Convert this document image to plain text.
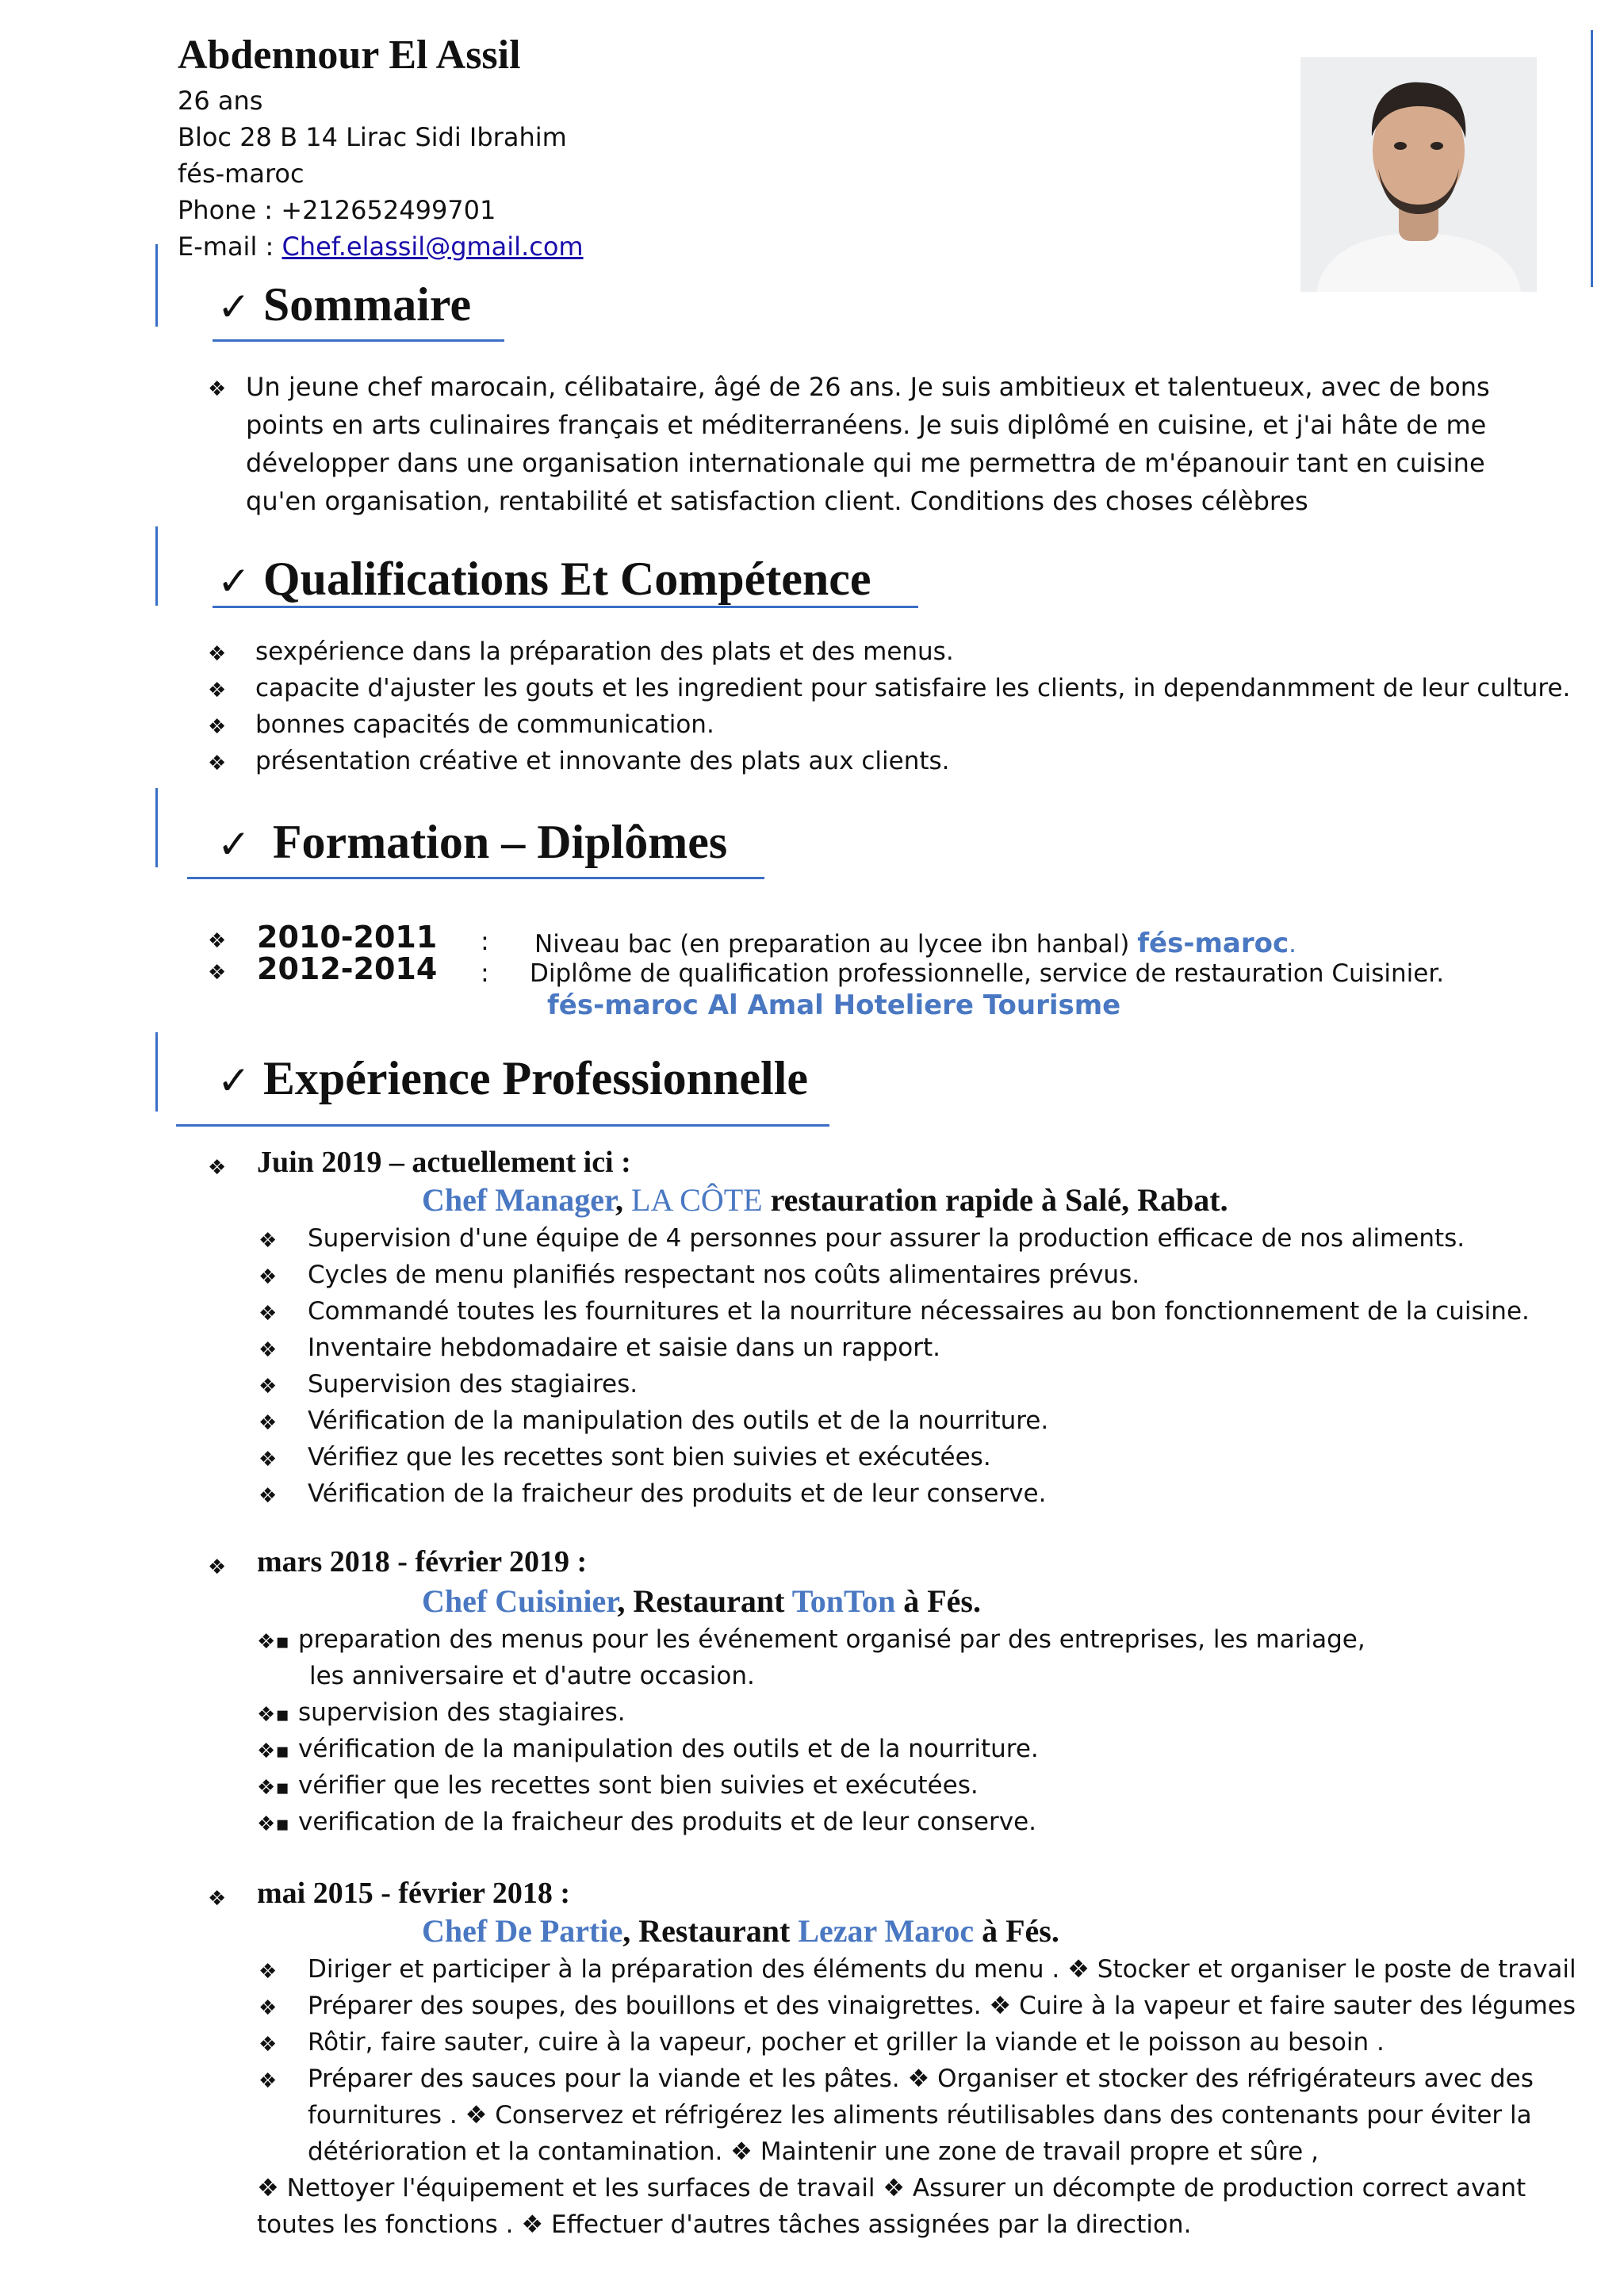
Abdennour El Assil
26 ans
Bloc 28 B 14 Lirac Sidi Ibrahim
fés-maroc
Phone : +212652499701
E-mail : Chef.elassil@gmail.com
✓ Sommaire
❖ Un jeune chef marocain, célibataire, âgé de 26 ans. Je suis ambitieux et talentueux, avec de bons
points en arts culinaires français et méditerranéens. Je suis diplômé en cuisine, et j'ai hâte de me
développer dans une organisation internationale qui me permettra de m'épanouir tant en cuisine
qu'en organisation, rentabilité et satisfaction client. Conditions des choses célèbres
✓ Qualifications Et Compétence
❖ sexpérience dans la préparation des plats et des menus.
❖ capacite d'ajuster les gouts et les ingredient pour satisfaire les clients, in dependanmment de leur culture.
❖ bonnes capacités de communication.
❖ présentation créative et innovante des plats aux clients.
✓ Formation – Diplômes
❖ 2010-2011 : Niveau bac (en preparation au lycee ibn hanbal) fés-maroc.
❖ 2012-2014 : Diplôme de qualification professionnelle, service de restauration Cuisinier.
fés-maroc Al Amal Hoteliere Tourisme
✓ Expérience Professionnelle
❖ Juin 2019 – actuellement ici :
Chef Manager, LA CÔTE restauration rapide à Salé, Rabat.
❖ Supervision d'une équipe de 4 personnes pour assurer la production efficace de nos aliments.
❖ Cycles de menu planifiés respectant nos coûts alimentaires prévus.
❖ Commandé toutes les fournitures et la nourriture nécessaires au bon fonctionnement de la cuisine.
❖ Inventaire hebdomadaire et saisie dans un rapport.
❖ Supervision des stagiaires.
❖ Vérification de la manipulation des outils et de la nourriture.
❖ Vérifiez que les recettes sont bien suivies et exécutées.
❖ Vérification de la fraicheur des produits et de leur conserve.
❖ mars 2018 - février 2019 :
Chef Cuisinier, Restaurant TonTon à Fés.
❖▪ preparation des menus pour les événement organisé par des entreprises, les mariage,
les anniversaire et d'autre occasion.
❖▪ supervision des stagiaires.
❖▪ vérification de la manipulation des outils et de la nourriture.
❖▪ vérifier que les recettes sont bien suivies et exécutées.
❖▪ verification de la fraicheur des produits et de leur conserve.
❖ mai 2015 - février 2018 :
Chef De Partie, Restaurant Lezar Maroc à Fés.
❖ Diriger et participer à la préparation des éléments du menu . ❖ Stocker et organiser le poste de travail
❖ Préparer des soupes, des bouillons et des vinaigrettes. ❖ Cuire à la vapeur et faire sauter des légumes
❖ Rôtir, faire sauter, cuire à la vapeur, pocher et griller la viande et le poisson au besoin .
❖ Préparer des sauces pour la viande et les pâtes. ❖ Organiser et stocker des réfrigérateurs avec des
fournitures . ❖ Conservez et réfrigérez les aliments réutilisables dans des contenants pour éviter la
détérioration et la contamination. ❖ Maintenir une zone de travail propre et sûre ,
❖ Nettoyer l'équipement et les surfaces de travail ❖ Assurer un décompte de production correct avant
toutes les fonctions . ❖ Effectuer d'autres tâches assignées par la direction.
